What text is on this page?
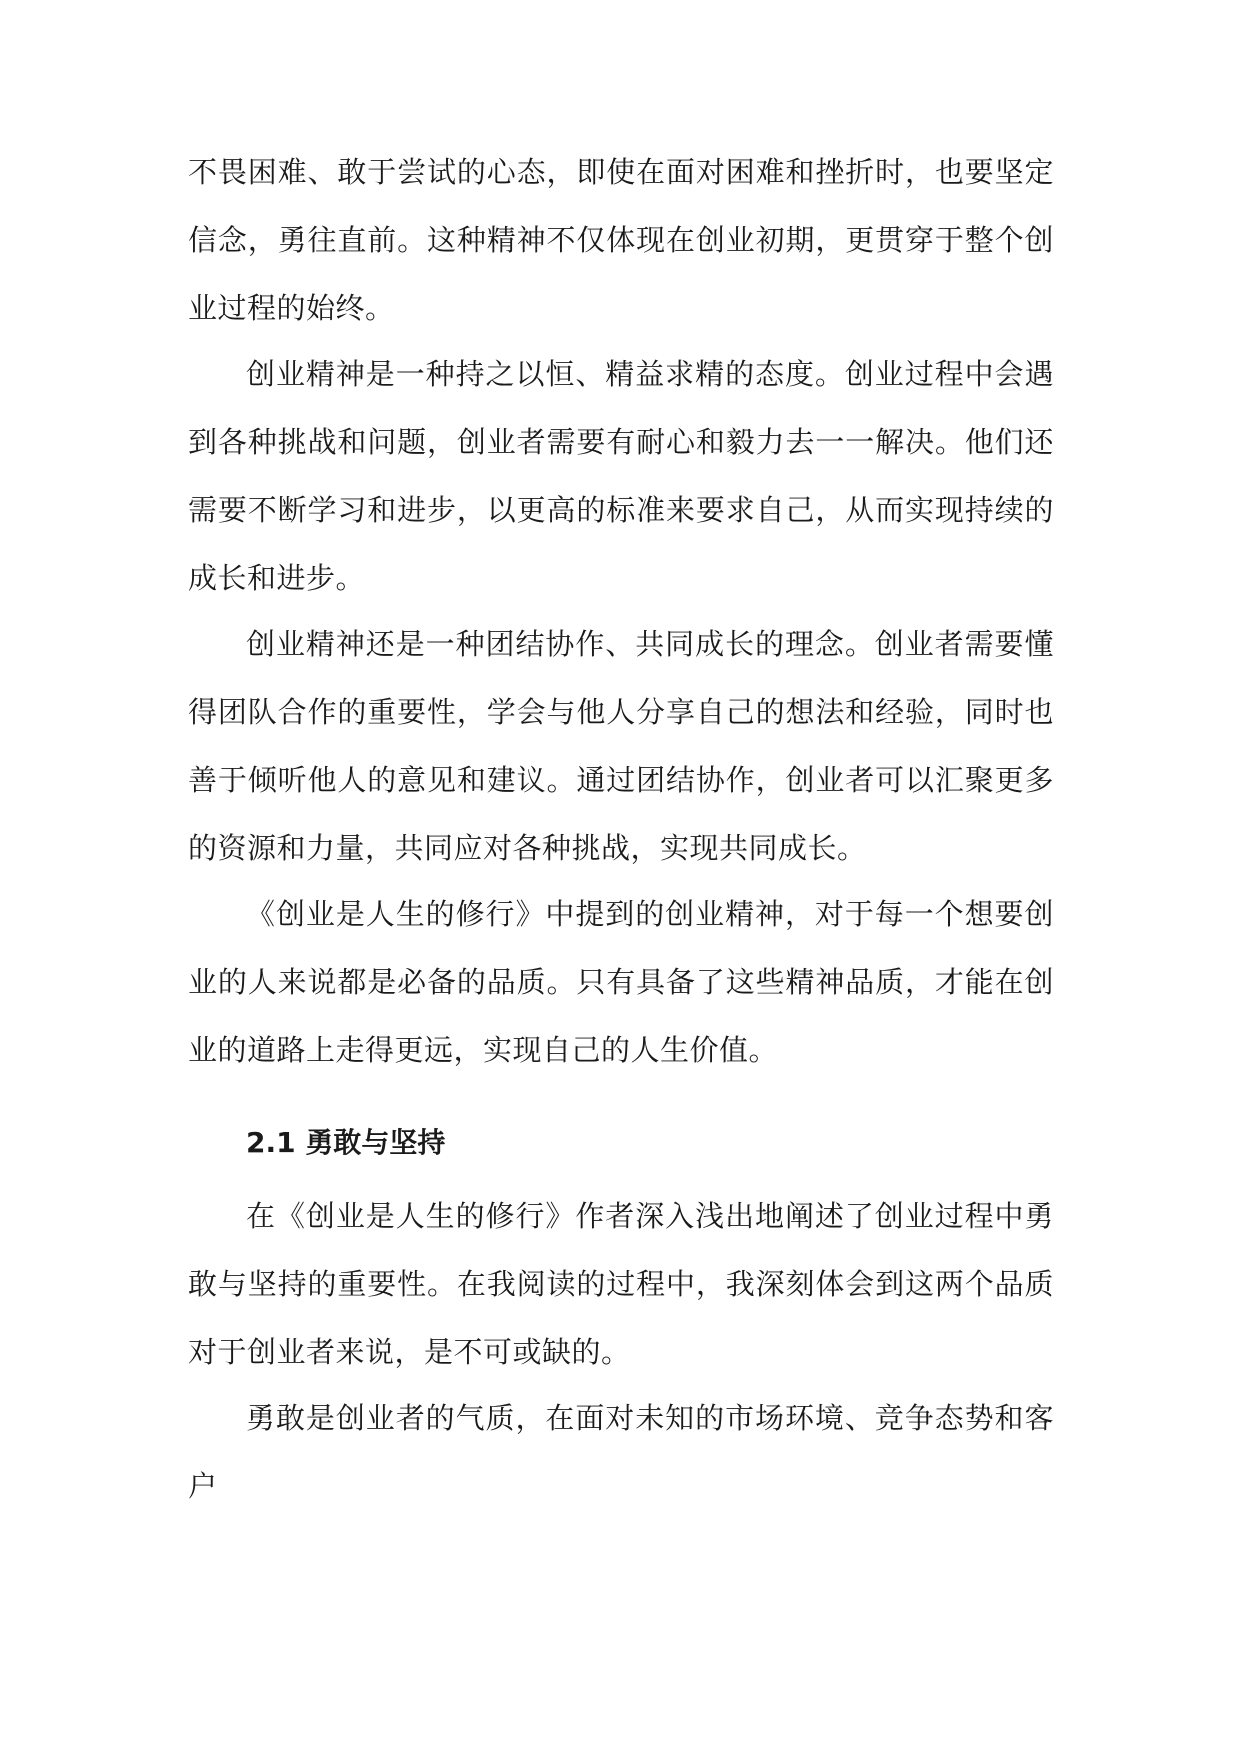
不畏困难、敢于尝试的心态，即使在面对困难和挫折时，也要坚定信念，勇往直前。这种精神不仅体现在创业初期，更贯穿于整个创业过程的始终。

创业精神是一种持之以恒、精益求精的态度。创业过程中会遇到各种挑战和问题，创业者需要有耐心和毅力去一一解决。他们还需要不断学习和进步，以更高的标准来要求自己，从而实现持续的成长和进步。

创业精神还是一种团结协作、共同成长的理念。创业者需要懂得团队合作的重要性，学会与他人分享自己的想法和经验，同时也善于倾听他人的意见和建议。通过团结协作，创业者可以汇聚更多的资源和力量，共同应对各种挑战，实现共同成长。

《创业是人生的修行》中提到的创业精神，对于每一个想要创业的人来说都是必备的品质。只有具备了这些精神品质，才能在创业的道路上走得更远，实现自己的人生价值。

2.1 勇敢与坚持

在《创业是人生的修行》作者深入浅出地阐述了创业过程中勇敢与坚持的重要性。在我阅读的过程中，我深刻体会到这两个品质对于创业者来说，是不可或缺的。

勇敢是创业者的气质，在面对未知的市场环境、竞争态势和客户
